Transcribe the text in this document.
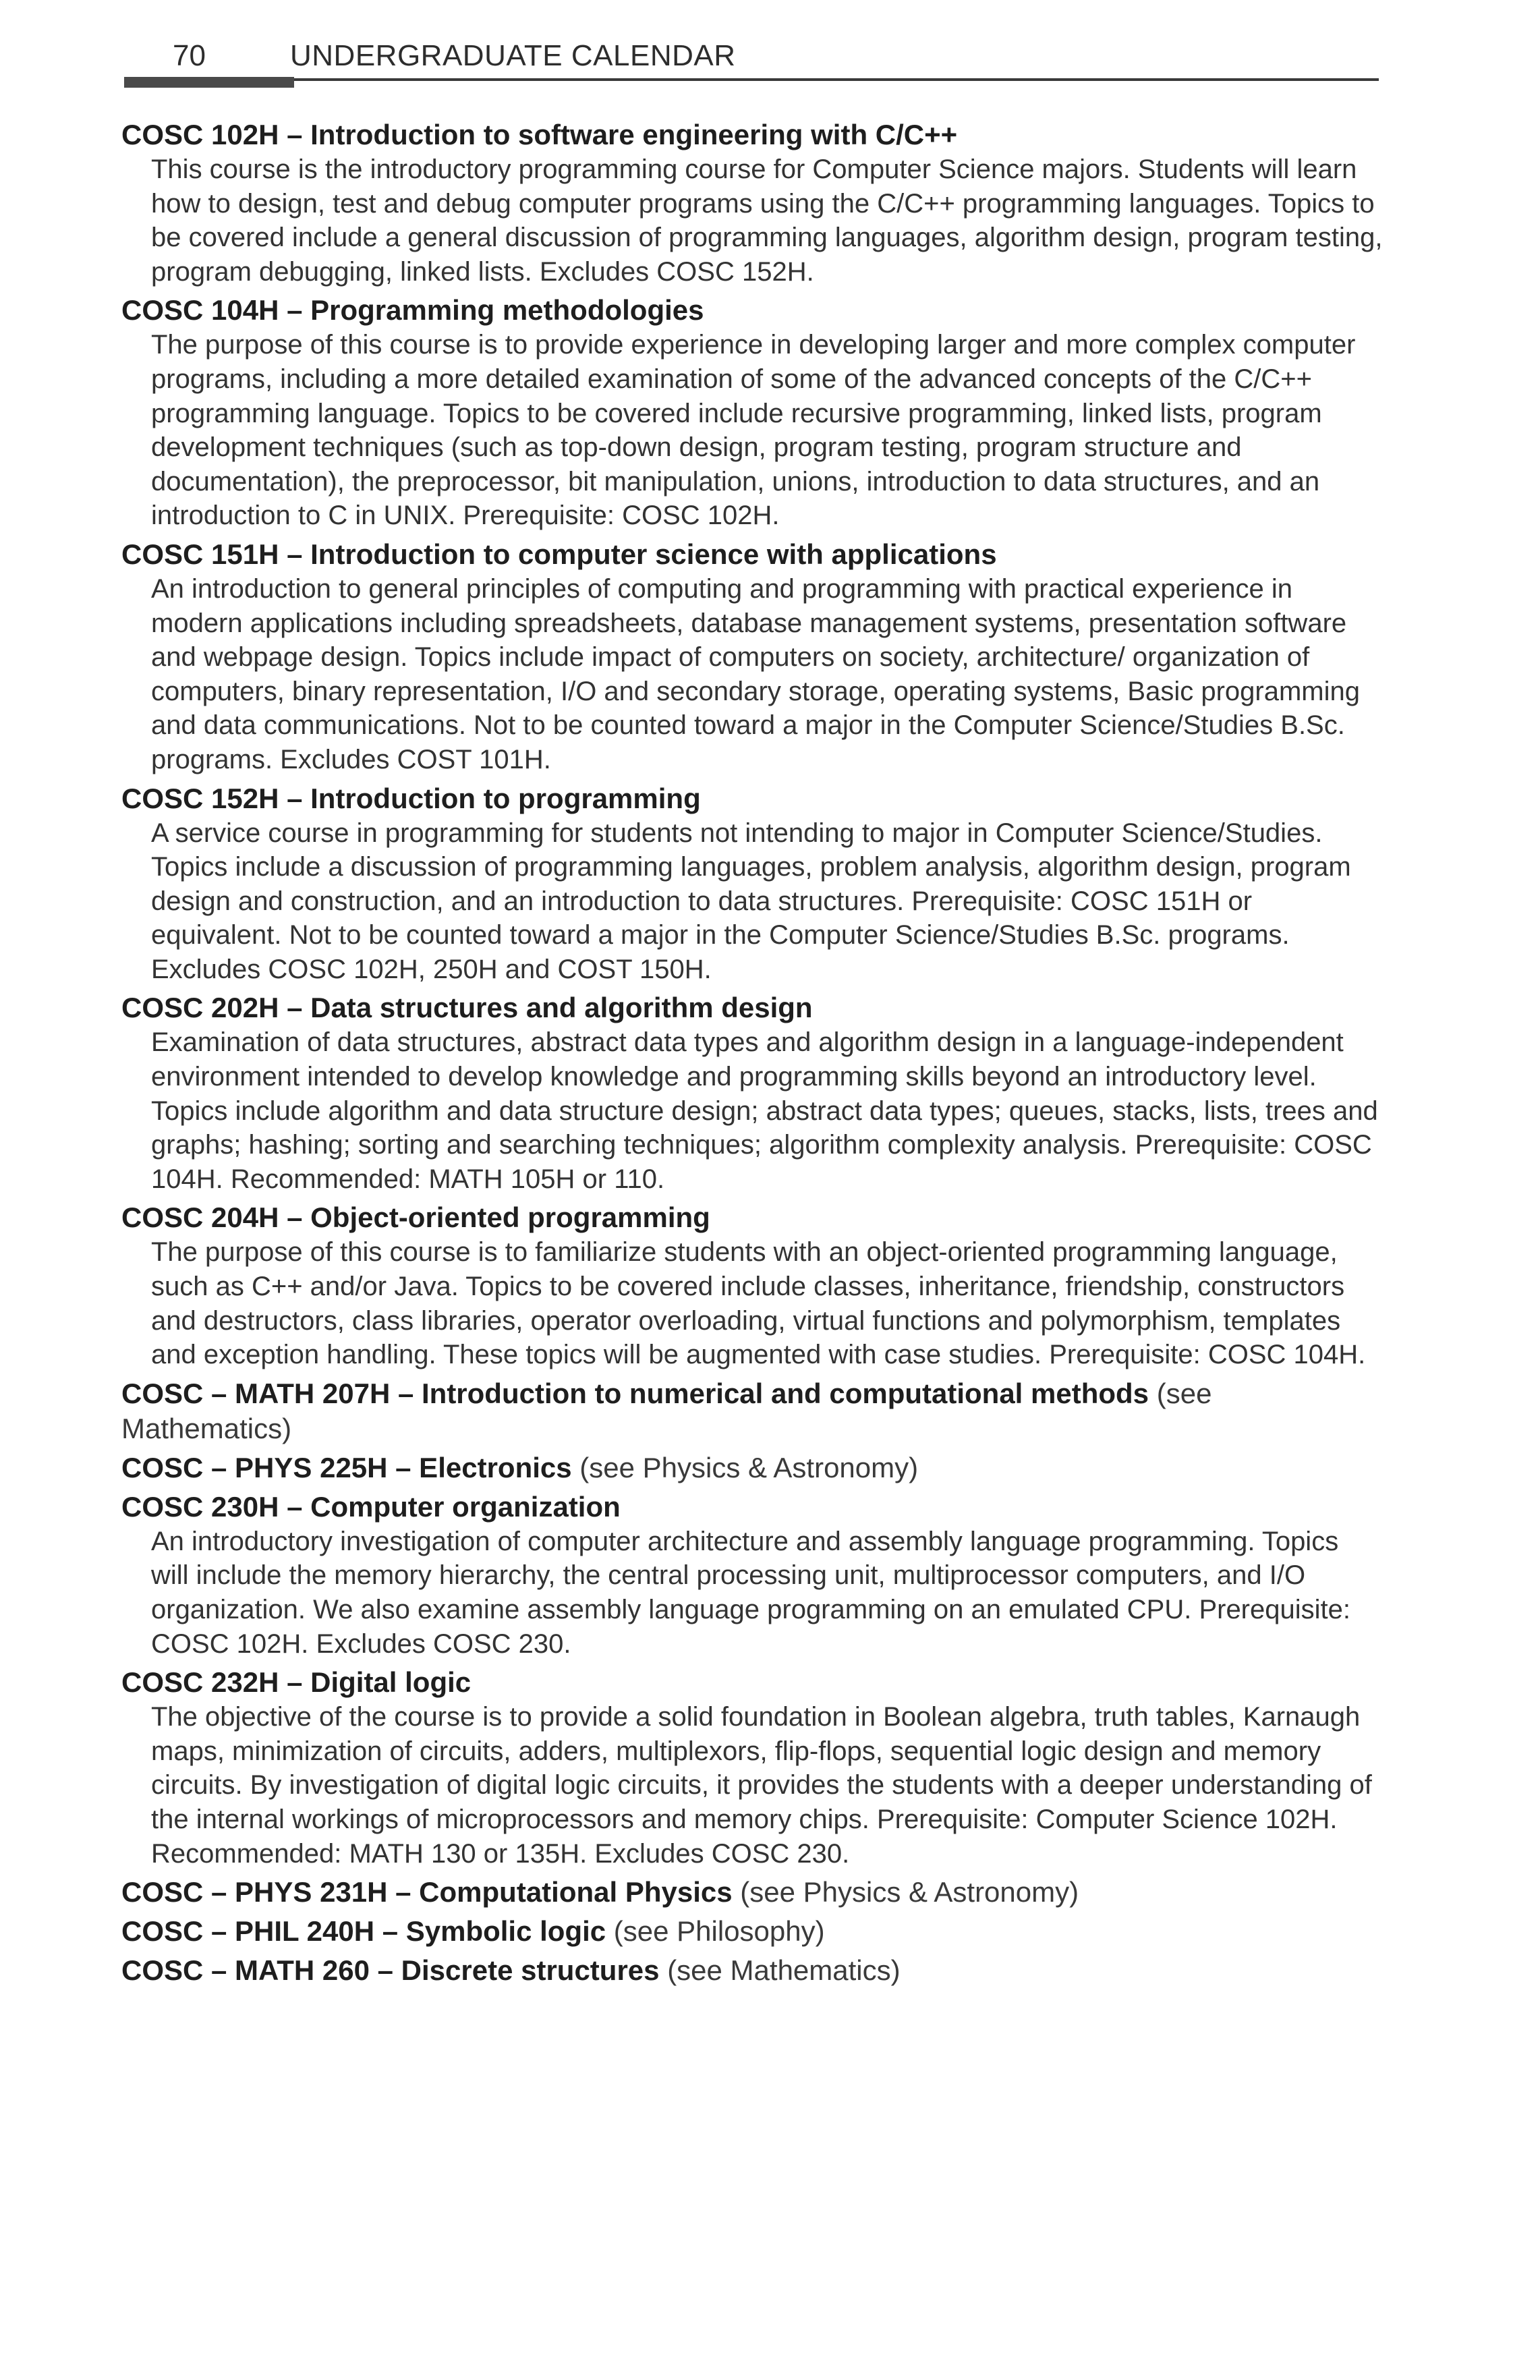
70	UNDERGRADUATE CALENDAR
COSC 102H – Introduction to software engineering with C/C++
This course is the introductory programming course for Computer Science majors. Students will learn how to design, test and debug computer programs using the C/C++ programming languages. Topics to be covered include a general discussion of programming languages, algorithm design, program testing, program debugging, linked lists. Excludes COSC 152H.
COSC 104H – Programming methodologies
The purpose of this course is to provide experience in developing larger and more complex computer programs, including a more detailed examination of some of the advanced concepts of the C/C++ programming language. Topics to be covered include recursive programming, linked lists, program development techniques (such as top-down design, program testing, program structure and documentation), the preprocessor, bit manipulation, unions, introduction to data structures, and an introduction to C in UNIX. Prerequisite: COSC 102H.
COSC 151H – Introduction to computer science with applications
An introduction to general principles of computing and programming with practical experience in modern applications including spreadsheets, database management systems, presentation software and webpage design. Topics include impact of computers on society, architecture/ organization of computers, binary representation, I/O and secondary storage, operating systems, Basic programming and data communications. Not to be counted toward a major in the Computer Science/Studies B.Sc. programs. Excludes COST 101H.
COSC 152H – Introduction to programming
A service course in programming for students not intending to major in Computer Science/Studies. Topics include a discussion of programming languages, problem analysis, algorithm design, program design and construction, and an introduction to data structures. Prerequisite: COSC 151H or equivalent. Not to be counted toward a major in the Computer Science/Studies B.Sc. programs. Excludes COSC 102H, 250H and COST 150H.
COSC 202H – Data structures and algorithm design
Examination of data structures, abstract data types and algorithm design in a language-independent environment intended to develop knowledge and programming skills beyond an introductory level. Topics include algorithm and data structure design; abstract data types; queues, stacks, lists, trees and graphs; hashing; sorting and searching techniques; algorithm complexity analysis. Prerequisite: COSC 104H. Recommended: MATH 105H or 110.
COSC 204H – Object-oriented programming
The purpose of this course is to familiarize students with an object-oriented programming language, such as C++ and/or Java. Topics to be covered include classes, inheritance, friendship, constructors and destructors, class libraries, operator overloading, virtual functions and polymorphism, templates and exception handling. These topics will be augmented with case studies. Prerequisite: COSC 104H.
COSC – MATH 207H – Introduction to numerical and computational methods (see Mathematics)
COSC – PHYS 225H – Electronics (see Physics & Astronomy)
COSC 230H – Computer organization
An introductory investigation of computer architecture and assembly language programming. Topics will include the memory hierarchy, the central processing unit, multiprocessor computers, and I/O organization. We also examine assembly language programming on an emulated CPU. Prerequisite: COSC 102H. Excludes COSC 230.
COSC 232H – Digital logic
The objective of the course is to provide a solid foundation in Boolean algebra, truth tables, Karnaugh maps, minimization of circuits, adders, multiplexors, flip-flops, sequential logic design and memory circuits. By investigation of digital logic circuits, it provides the students with a deeper understanding of the internal workings of microprocessors and memory chips. Prerequisite: Computer Science 102H. Recommended: MATH 130 or 135H. Excludes COSC 230.
COSC – PHYS 231H – Computational Physics (see Physics & Astronomy)
COSC – PHIL 240H – Symbolic logic (see Philosophy)
COSC – MATH 260 – Discrete structures (see Mathematics)
